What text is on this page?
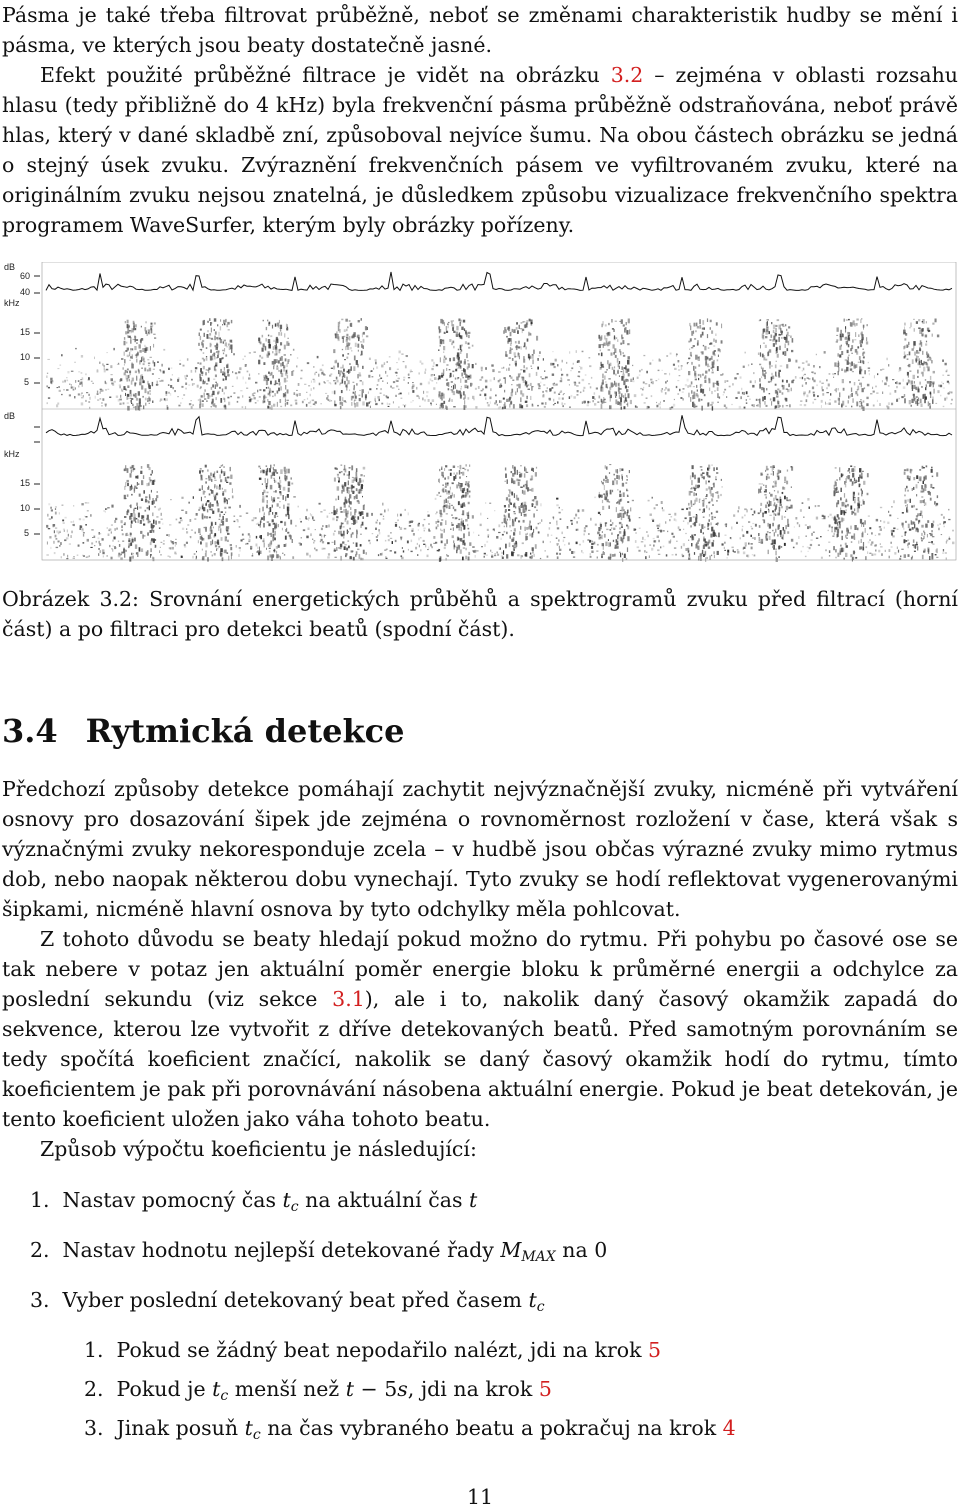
Pásma je také třeba filtrovat průběžně, neboť se změnami charakteristik hudby se mění i pásma, ve kterých jsou beaty dostatečně jasné.

Efekt použité průběžné filtrace je vidět na obrázku 3.2 – zejména v oblasti rozsahu hlasu (tedy přibližně do 4 kHz) byla frekvenční pásma průběžně odstraňována, neboť právě hlas, který v dané skladbě zní, způsoboval nejvíce šumu. Na obou částech obrázku se jedná o stejný úsek zvuku. Zvýraznění frekvenčních pásem ve vyfiltrovaném zvuku, které na originálním zvuku nejsou znatelná, je důsledkem způsobu vizualizace frekvenčního spektra programem WaveSurfer, kterým byly obrázky pořízeny.

dB
60
40
kHz
15
10
5
dB
kHz
15
10
5

Obrázek 3.2: Srovnání energetických průběhů a spektrogramů zvuku před filtrací (horní část) a po filtraci pro detekci beatů (spodní část).

3.4 Rytmická detekce

Předchozí způsoby detekce pomáhají zachytit nejvýznačnější zvuky, nicméně při vytváření osnovy pro dosazování šipek jde zejména o rovnoměrnost rozložení v čase, která však s význačnými zvuky nekoresponduje zcela – v hudbě jsou občas výrazné zvuky mimo rytmus dob, nebo naopak některou dobu vynechají. Tyto zvuky se hodí reflektovat vygenerovanými šipkami, nicméně hlavní osnova by tyto odchylky měla pohlcovat.

Z tohoto důvodu se beaty hledají pokud možno do rytmu. Při pohybu po časové ose se tak nebere v potaz jen aktuální poměr energie bloku k průměrné energii a odchylce za poslední sekundu (viz sekce 3.1), ale i to, nakolik daný časový okamžik zapadá do sekvence, kterou lze vytvořit z dříve detekovaných beatů. Před samotným porovnáním se tedy spočítá koeficient značící, nakolik se daný časový okamžik hodí do rytmu, tímto koeficientem je pak při porovnávání násobena aktuální energie. Pokud je beat detekován, je tento koeficient uložen jako váha tohoto beatu.

Způsob výpočtu koeficientu je následující:

1. Nastav pomocný čas $t_c$ na aktuální čas t
2. Nastav hodnotu nejlepší detekované řady $M_{MAX}$ na 0
3. Vyber poslední detekovaný beat před časem $t_c$
1. Pokud se žádný beat nepodařilo nalézt, jdi na krok 5
2. Pokud je $t_c$ menší než t − 5s, jdi na krok 5
3. Jinak posuň $t_c$ na čas vybraného beatu a pokračuj na krok 4
11
